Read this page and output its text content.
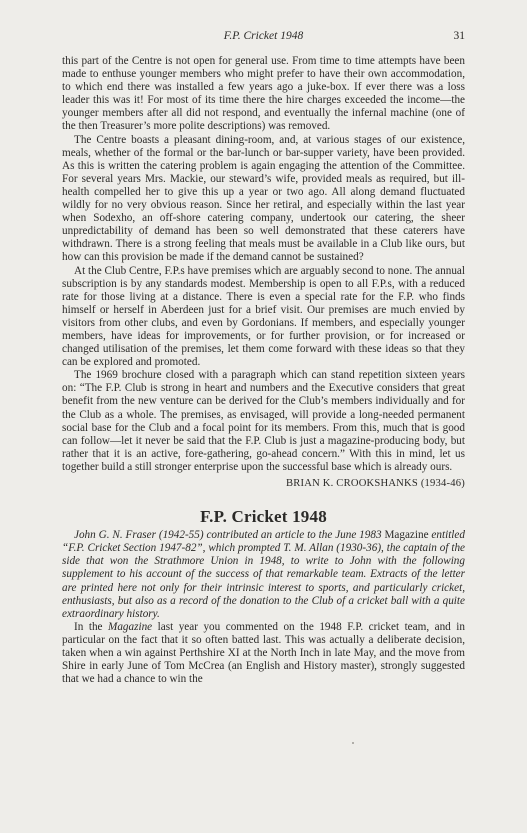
F.P. Cricket 1948	31

this part of the Centre is not open for general use. From time to time attempts have been made to enthuse younger members who might prefer to have their own accommodation, to which end there was installed a few years ago a juke-box. If ever there was a loss leader this was it! For most of its time there the hire charges exceeded the income—the younger members after all did not respond, and eventually the infernal machine (one of the then Treasurer’s more polite descriptions) was removed.

The Centre boasts a pleasant dining-room, and, at various stages of our existence, meals, whether of the formal or the bar-lunch or bar-supper variety, have been provided. As this is written the catering problem is again engaging the attention of the Committee. For several years Mrs. Mackie, our steward’s wife, provided meals as required, but ill-health compelled her to give this up a year or two ago. All along demand fluctuated wildly for no very obvious reason. Since her retiral, and especially within the last year when Sodexho, an off-shore catering company, undertook our catering, the sheer unpredictability of demand has been so well demonstrated that these caterers have withdrawn. There is a strong feeling that meals must be available in a Club like ours, but how can this provision be made if the demand cannot be sustained?

At the Club Centre, F.P.s have premises which are arguably second to none. The annual subscription is by any standards modest. Membership is open to all F.P.s, with a reduced rate for those living at a distance. There is even a special rate for the F.P. who finds himself or herself in Aberdeen just for a brief visit. Our premises are much envied by visitors from other clubs, and even by Gordonians. If members, and especially younger members, have ideas for improvements, or for further provision, or for increased or changed utilisation of the premises, let them come forward with these ideas so that they can be explored and promoted.

The 1969 brochure closed with a paragraph which can stand repetition sixteen years on: “The F.P. Club is strong in heart and numbers and the Executive considers that great benefit from the new venture can be derived for the Club’s members individually and for the Club as a whole. The premises, as envisaged, will provide a long-needed permanent social base for the Club and a focal point for its members. From this, much that is good can follow—let it never be said that the F.P. Club is just a magazine-producing body, but rather that it is an active, fore-gathering, go-ahead concern.” With this in mind, let us together build a still stronger enterprise upon the successful base which is already ours.

BRIAN K. CROOKSHANKS (1934-46)
F.P. Cricket 1948

John G. N. Fraser (1942-55) contributed an article to the June 1983 Magazine entitled “F.P. Cricket Section 1947-82”, which prompted T. M. Allan (1930-36), the captain of the side that won the Strathmore Union in 1948, to write to John with the following supplement to his account of the success of that remarkable team. Extracts of the letter are printed here not only for their intrinsic interest to sports, and particularly cricket, enthusiasts, but also as a record of the donation to the Club of a cricket ball with a quite extraordinary history.

In the Magazine last year you commented on the 1948 F.P. cricket team, and in particular on the fact that it so often batted last. This was actually a deliberate decision, taken when a win against Perthshire XI at the North Inch in late May, and the move from Shire in early June of Tom McCrea (an English and History master), strongly suggested that we had a chance to win the
